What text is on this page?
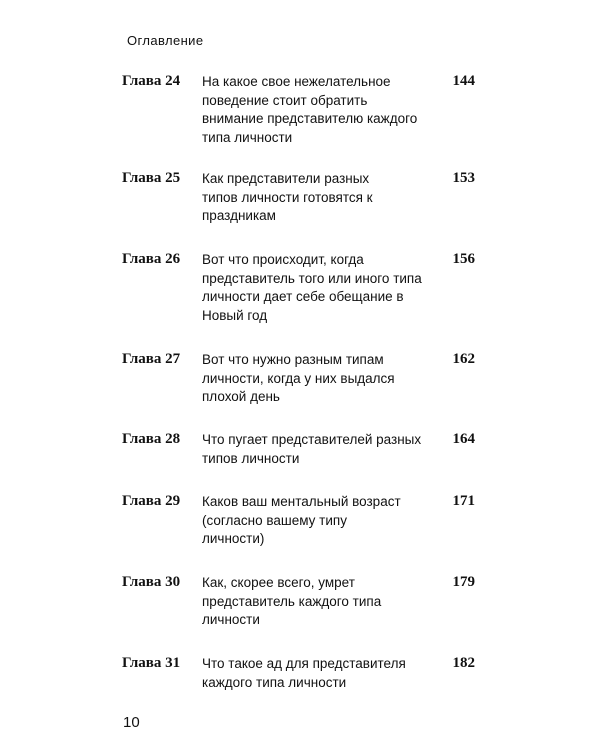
Оглавление
Глава 24 На какое свое нежелательное поведение стоит обратить внимание представителю каждого типа личности
144
Глава 25 Как представители разных типов личности готовятся к праздникам
153
Глава 26 Вот что происходит, когда представитель того или иного типа личности дает себе обещание в Новый год
156
Глава 27 Вот что нужно разным типам личности, когда у них выдался плохой день
162
Глава 28 Что пугает представителей разных типов личности
164
Глава 29 Каков ваш ментальный возраст (согласно вашему типу личности)
171
Глава 30 Как, скорее всего, умрет представитель каждого типа личности
179
Глава 31 Что такое ад для представителя каждого типа личности
182
10
